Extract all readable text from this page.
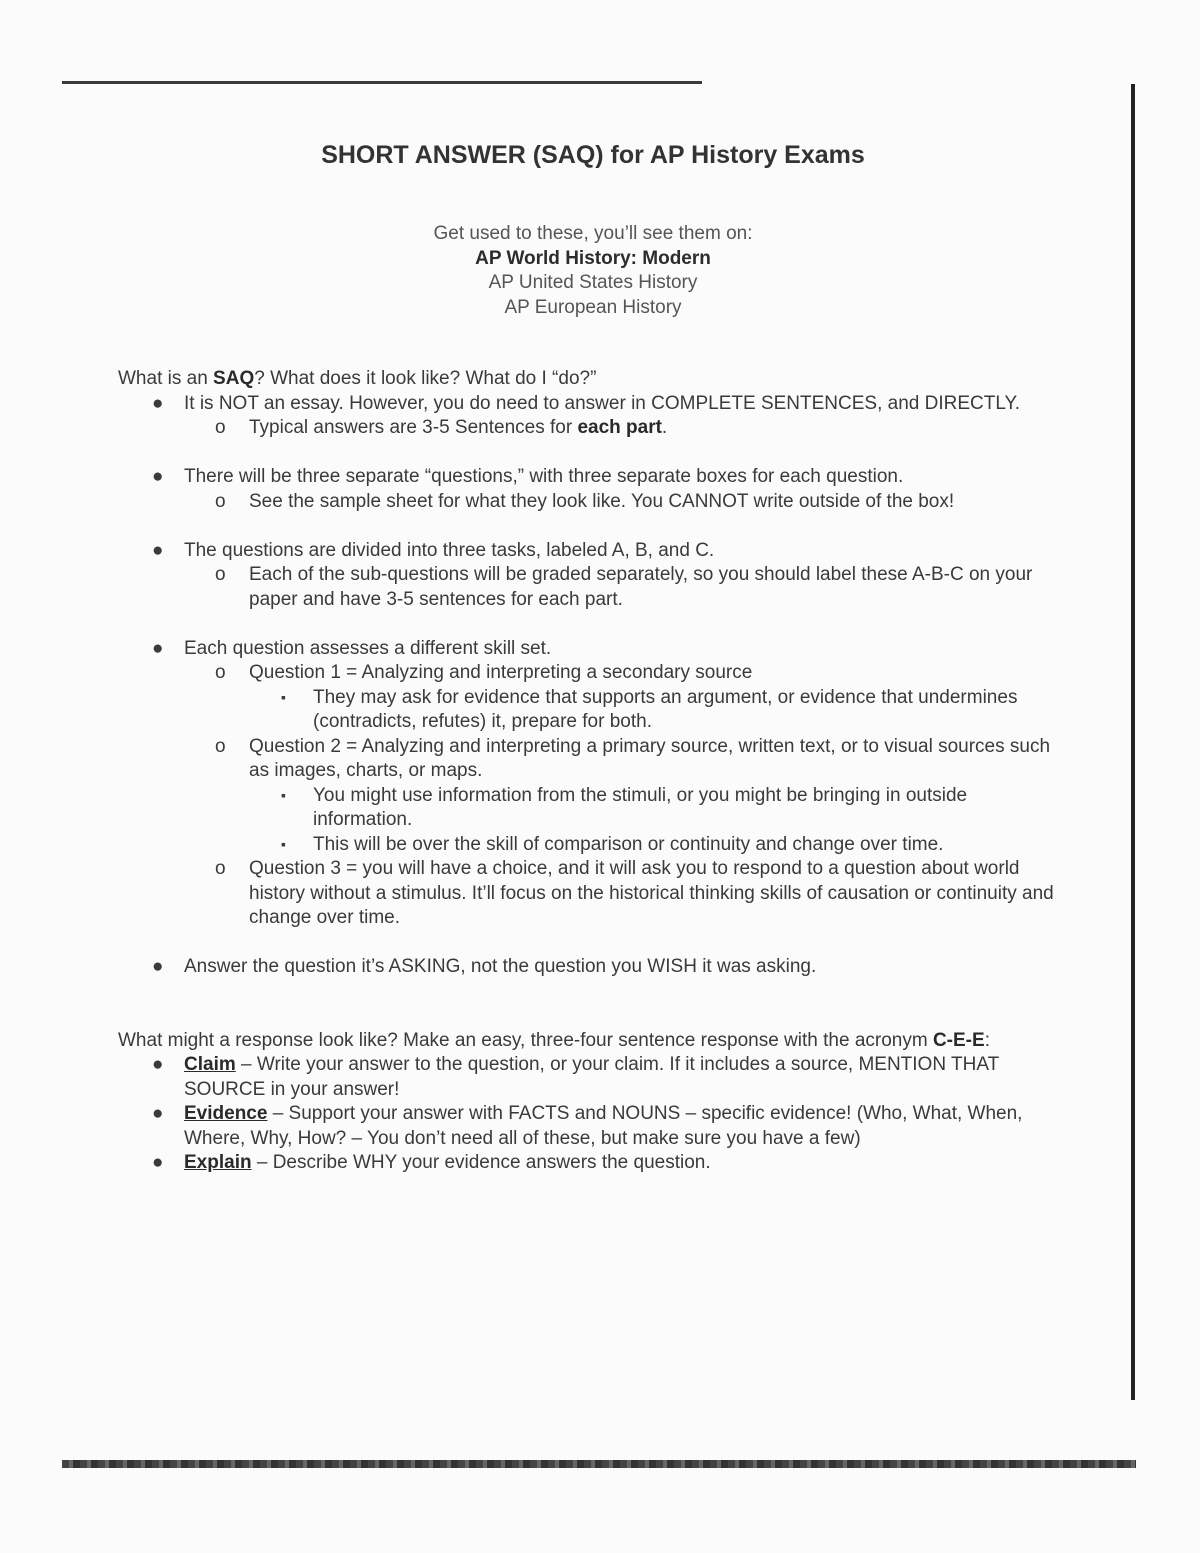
SHORT ANSWER (SAQ) for AP History Exams
Get used to these, you’ll see them on:
AP World History: Modern
AP United States History
AP European History

What is an SAQ? What does it look like? What do I “do?”

● It is NOT an essay. However, you do need to answer in COMPLETE SENTENCES, and DIRECTLY.
o Typical answers are 3-5 Sentences for each part.
● There will be three separate “questions,” with three separate boxes for each question.
o See the sample sheet for what they look like. You CANNOT write outside of the box!
● The questions are divided into three tasks, labeled A, B, and C.
o Each of the sub-questions will be graded separately, so you should label these A-B-C on your paper and have 3-5 sentences for each part.
● Each question assesses a different skill set.
o Question 1 = Analyzing and interpreting a secondary source
▪ They may ask for evidence that supports an argument, or evidence that undermines (contradicts, refutes) it, prepare for both.
o Question 2 = Analyzing and interpreting a primary source, written text, or to visual sources such as images, charts, or maps.
▪ You might use information from the stimuli, or you might be bringing in outside information.
▪ This will be over the skill of comparison or continuity and change over time.
o Question 3 = you will have a choice, and it will ask you to respond to a question about world history without a stimulus. It’ll focus on the historical thinking skills of causation or continuity and change over time.
● Answer the question it’s ASKING, not the question you WISH it was asking.

What might a response look like? Make an easy, three-four sentence response with the acronym C-E-E:

● Claim – Write your answer to the question, or your claim. If it includes a source, MENTION THAT SOURCE in your answer!
● Evidence – Support your answer with FACTS and NOUNS – specific evidence! (Who, What, When, Where, Why, How? – You don’t need all of these, but make sure you have a few)
● Explain – Describe WHY your evidence answers the question.
